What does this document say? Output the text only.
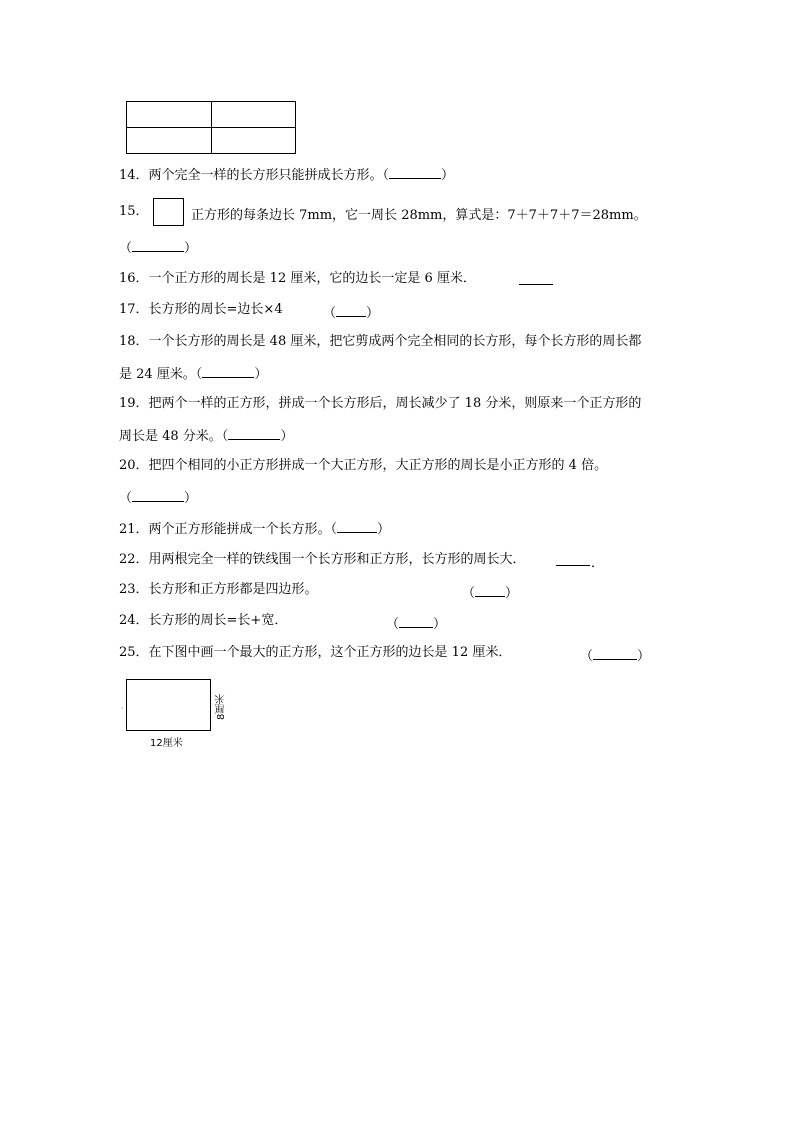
14．两个完全一样的长方形只能拼成长方形。（	）
15．	正方形的每条边长 7mm，它一周长 28mm，算式是：7＋7＋7＋7＝28mm。
（	）
16．一个正方形的周长是 12 厘米，它的边长一定是 6 厘米．
17．长方形的周长=边长×4	（ ）
18．一个长方形的周长是 48 厘米，把它剪成两个完全相同的长方形，每个长方形的周长都
是 24 厘米。（	）
19．把两个一样的正方形，拼成一个长方形后，周长减少了 18 分米，则原来一个正方形的
周长是 48 分米。（	）
20．把四个相同的小正方形拼成一个大正方形，大正方形的周长是小正方形的 4 倍。
（	）
21．两个正方形能拼成一个长方形。（	）
22．用两根完全一样的铁线围一个长方形和正方形，长方形的周长大．	．
23．长方形和正方形都是四边形。	（ ）
24．长方形的周长=长+宽．	（	）
25．在下图中画一个最大的正方形，这个正方形的边长是 12 厘米．	（	）
·	8厘米
12厘米
